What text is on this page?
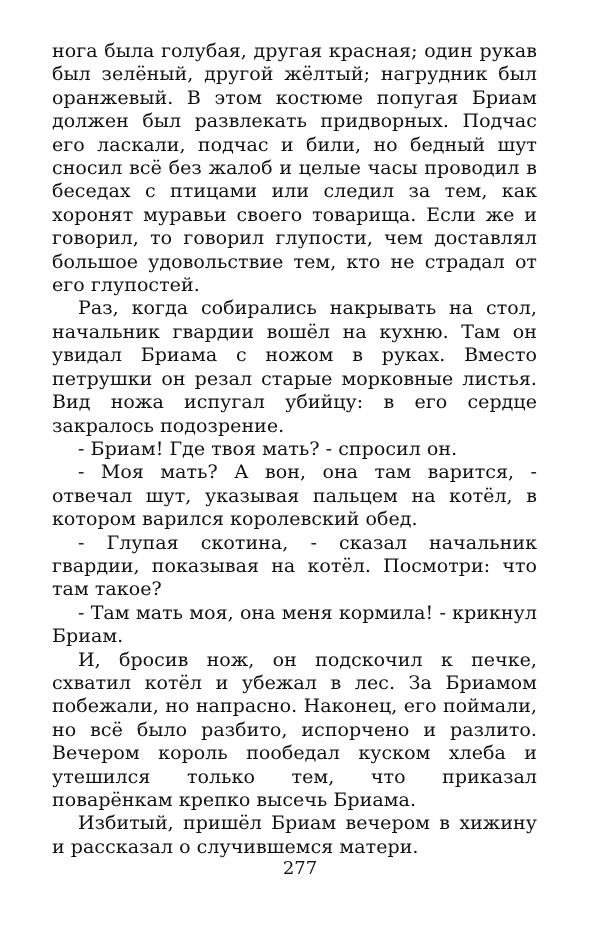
нога была голубая, другая красная; один рукав был зелёный, другой жёлтый; нагрудник был оранжевый. В этом костюме попугая Бриам должен был развлекать придворных. Подчас его ласкали, подчас и били, но бедный шут сносил всё без жалоб и целые часы проводил в беседах с птицами или следил за тем, как хоронят муравьи своего товарища. Если же и говорил, то говорил глупости, чем доставлял большое удовольствие тем, кто не страдал от его глупостей.

Раз, когда собирались накрывать на стол, начальник гвардии вошёл на кухню. Там он увидал Бриама с ножом в руках. Вместо петрушки он резал старые морковные листья. Вид ножа испугал убийцу: в его сердце закралось подозрение.

- Бриам! Где твоя мать? - спросил он.

- Моя мать? А вон, она там варится, - отвечал шут, указывая пальцем на котёл, в котором варился королевский обед.

- Глупая скотина, - сказал начальник гвардии, показывая на котёл. Посмотри: что там такое?

- Там мать моя, она меня кормила! - крикнул Бриам.

И, бросив нож, он подскочил к печке, схватил котёл и убежал в лес. За Бриамом побежали, но напрасно. Наконец, его поймали, но всё было разбито, испорчено и разлито. Вечером король пообедал куском хлеба и утешился только тем, что приказал поварёнкам крепко высечь Бриама.

Избитый, пришёл Бриам вечером в хижину и рассказал о случившемся матери.

277
